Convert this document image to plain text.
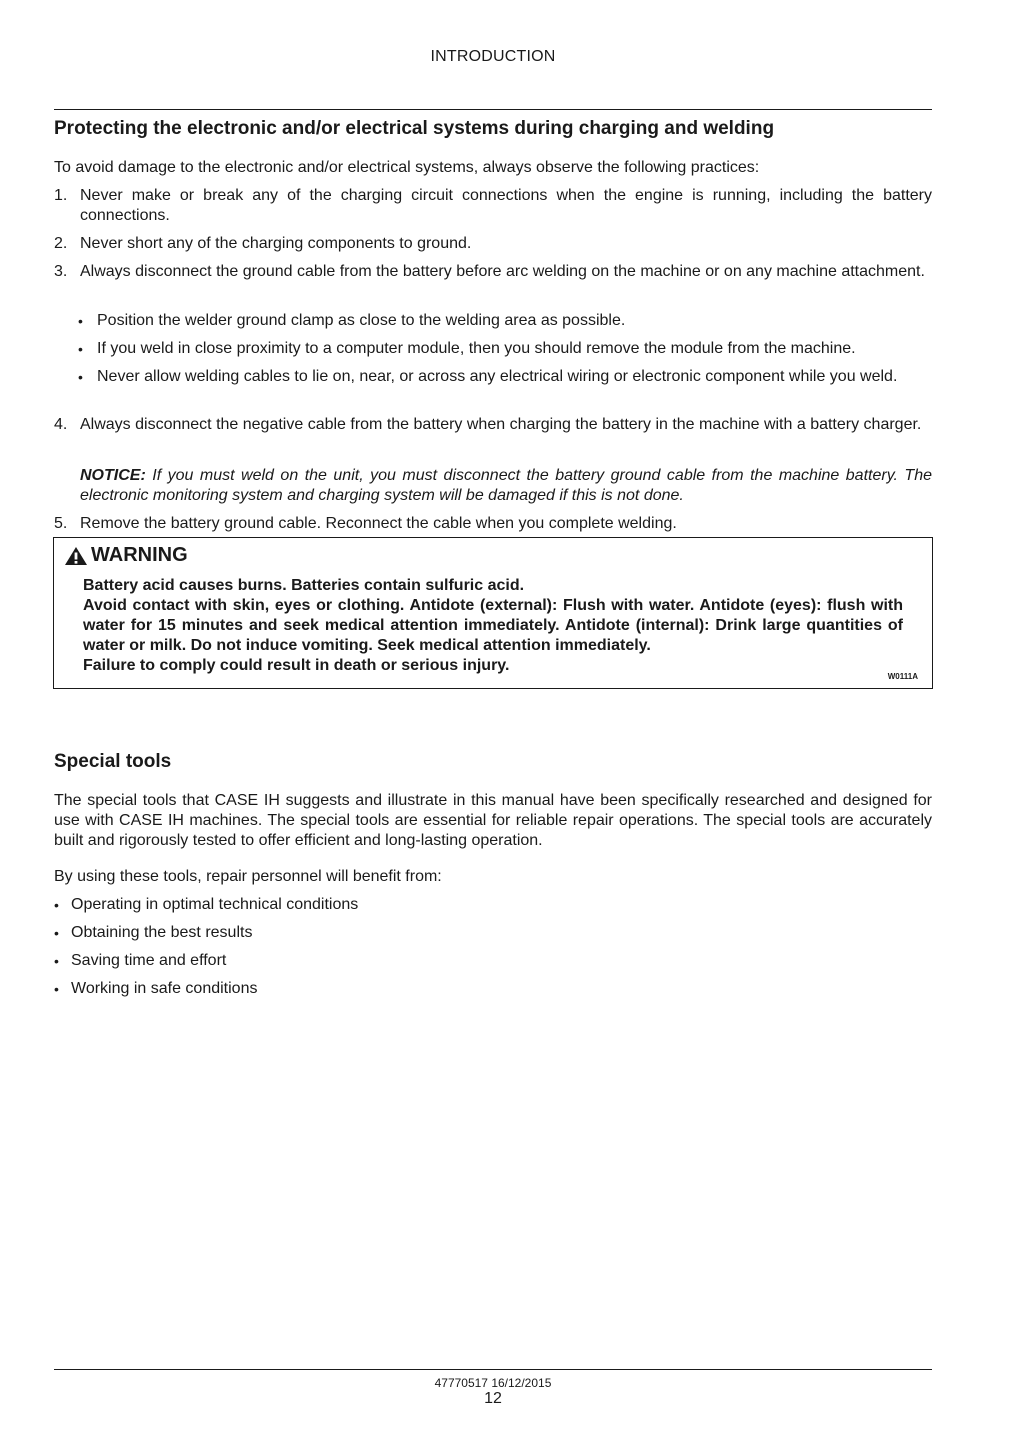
INTRODUCTION
Protecting the electronic and/or electrical systems during charging and welding

To avoid damage to the electronic and/or electrical systems, always observe the following practices:

1. Never make or break any of the charging circuit connections when the engine is running, including the battery connections.
2. Never short any of the charging components to ground.
3. Always disconnect the ground cable from the battery before arc welding on the machine or on any machine attachment.
• Position the welder ground clamp as close to the welding area as possible.
• If you weld in close proximity to a computer module, then you should remove the module from the machine.
• Never allow welding cables to lie on, near, or across any electrical wiring or electronic component while you weld.
4. Always disconnect the negative cable from the battery when charging the battery in the machine with a battery charger.
NOTICE: If you must weld on the unit, you must disconnect the battery ground cable from the machine battery. The electronic monitoring system and charging system will be damaged if this is not done.
5. Remove the battery ground cable. Reconnect the cable when you complete welding.
WARNING
Battery acid causes burns. Batteries contain sulfuric acid.
Avoid contact with skin, eyes or clothing. Antidote (external): Flush with water. Antidote (eyes): flush with water for 15 minutes and seek medical attention immediately. Antidote (internal): Drink large quantities of water or milk. Do not induce vomiting. Seek medical attention immediately.
Failure to comply could result in death or serious injury.
W0111A
Special tools

The special tools that CASE IH suggests and illustrate in this manual have been specifically researched and designed for use with CASE IH machines. The special tools are essential for reliable repair operations. The special tools are accurately built and rigorously tested to offer efficient and long-lasting operation.

By using these tools, repair personnel will benefit from:

• Operating in optimal technical conditions
• Obtaining the best results
• Saving time and effort
• Working in safe conditions
47770517 16/12/2015
12
